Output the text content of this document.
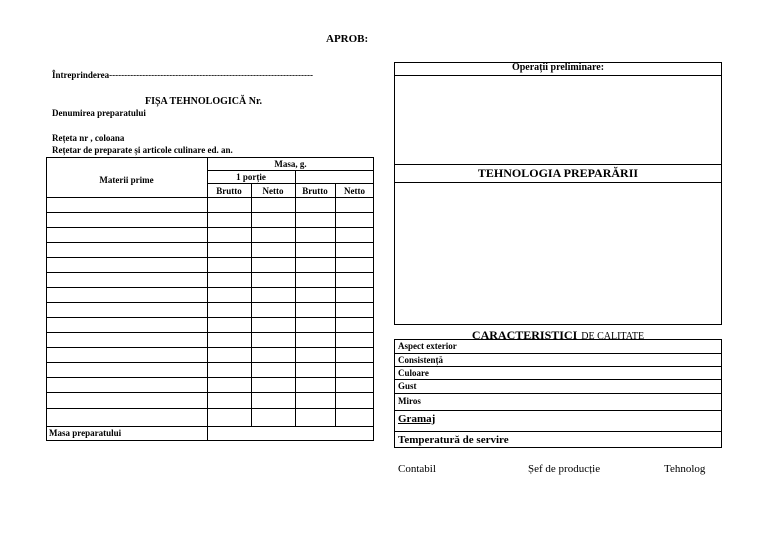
APROB:
Întreprinderea--------------------------------------------------------------------
FIȘA TEHNOLOGICĂ Nr.
Denumirea preparatului
Rețeta nr , coloana
Rețetar de preparate și articole culinare ed. an.
Materii prime
Masa, g.
1 porție
Brutto	Netto	Brutto	Netto
Masa preparatului
Operații preliminare:
TEHNOLOGIA PREPARĂRII
CARACTERISTICI DE CALITATE
Aspect exterior
Consistență
Culoare
Gust
Miros
Gramaj
Temperatură de servire
Contabil	Șef de producție	Tehnolog
